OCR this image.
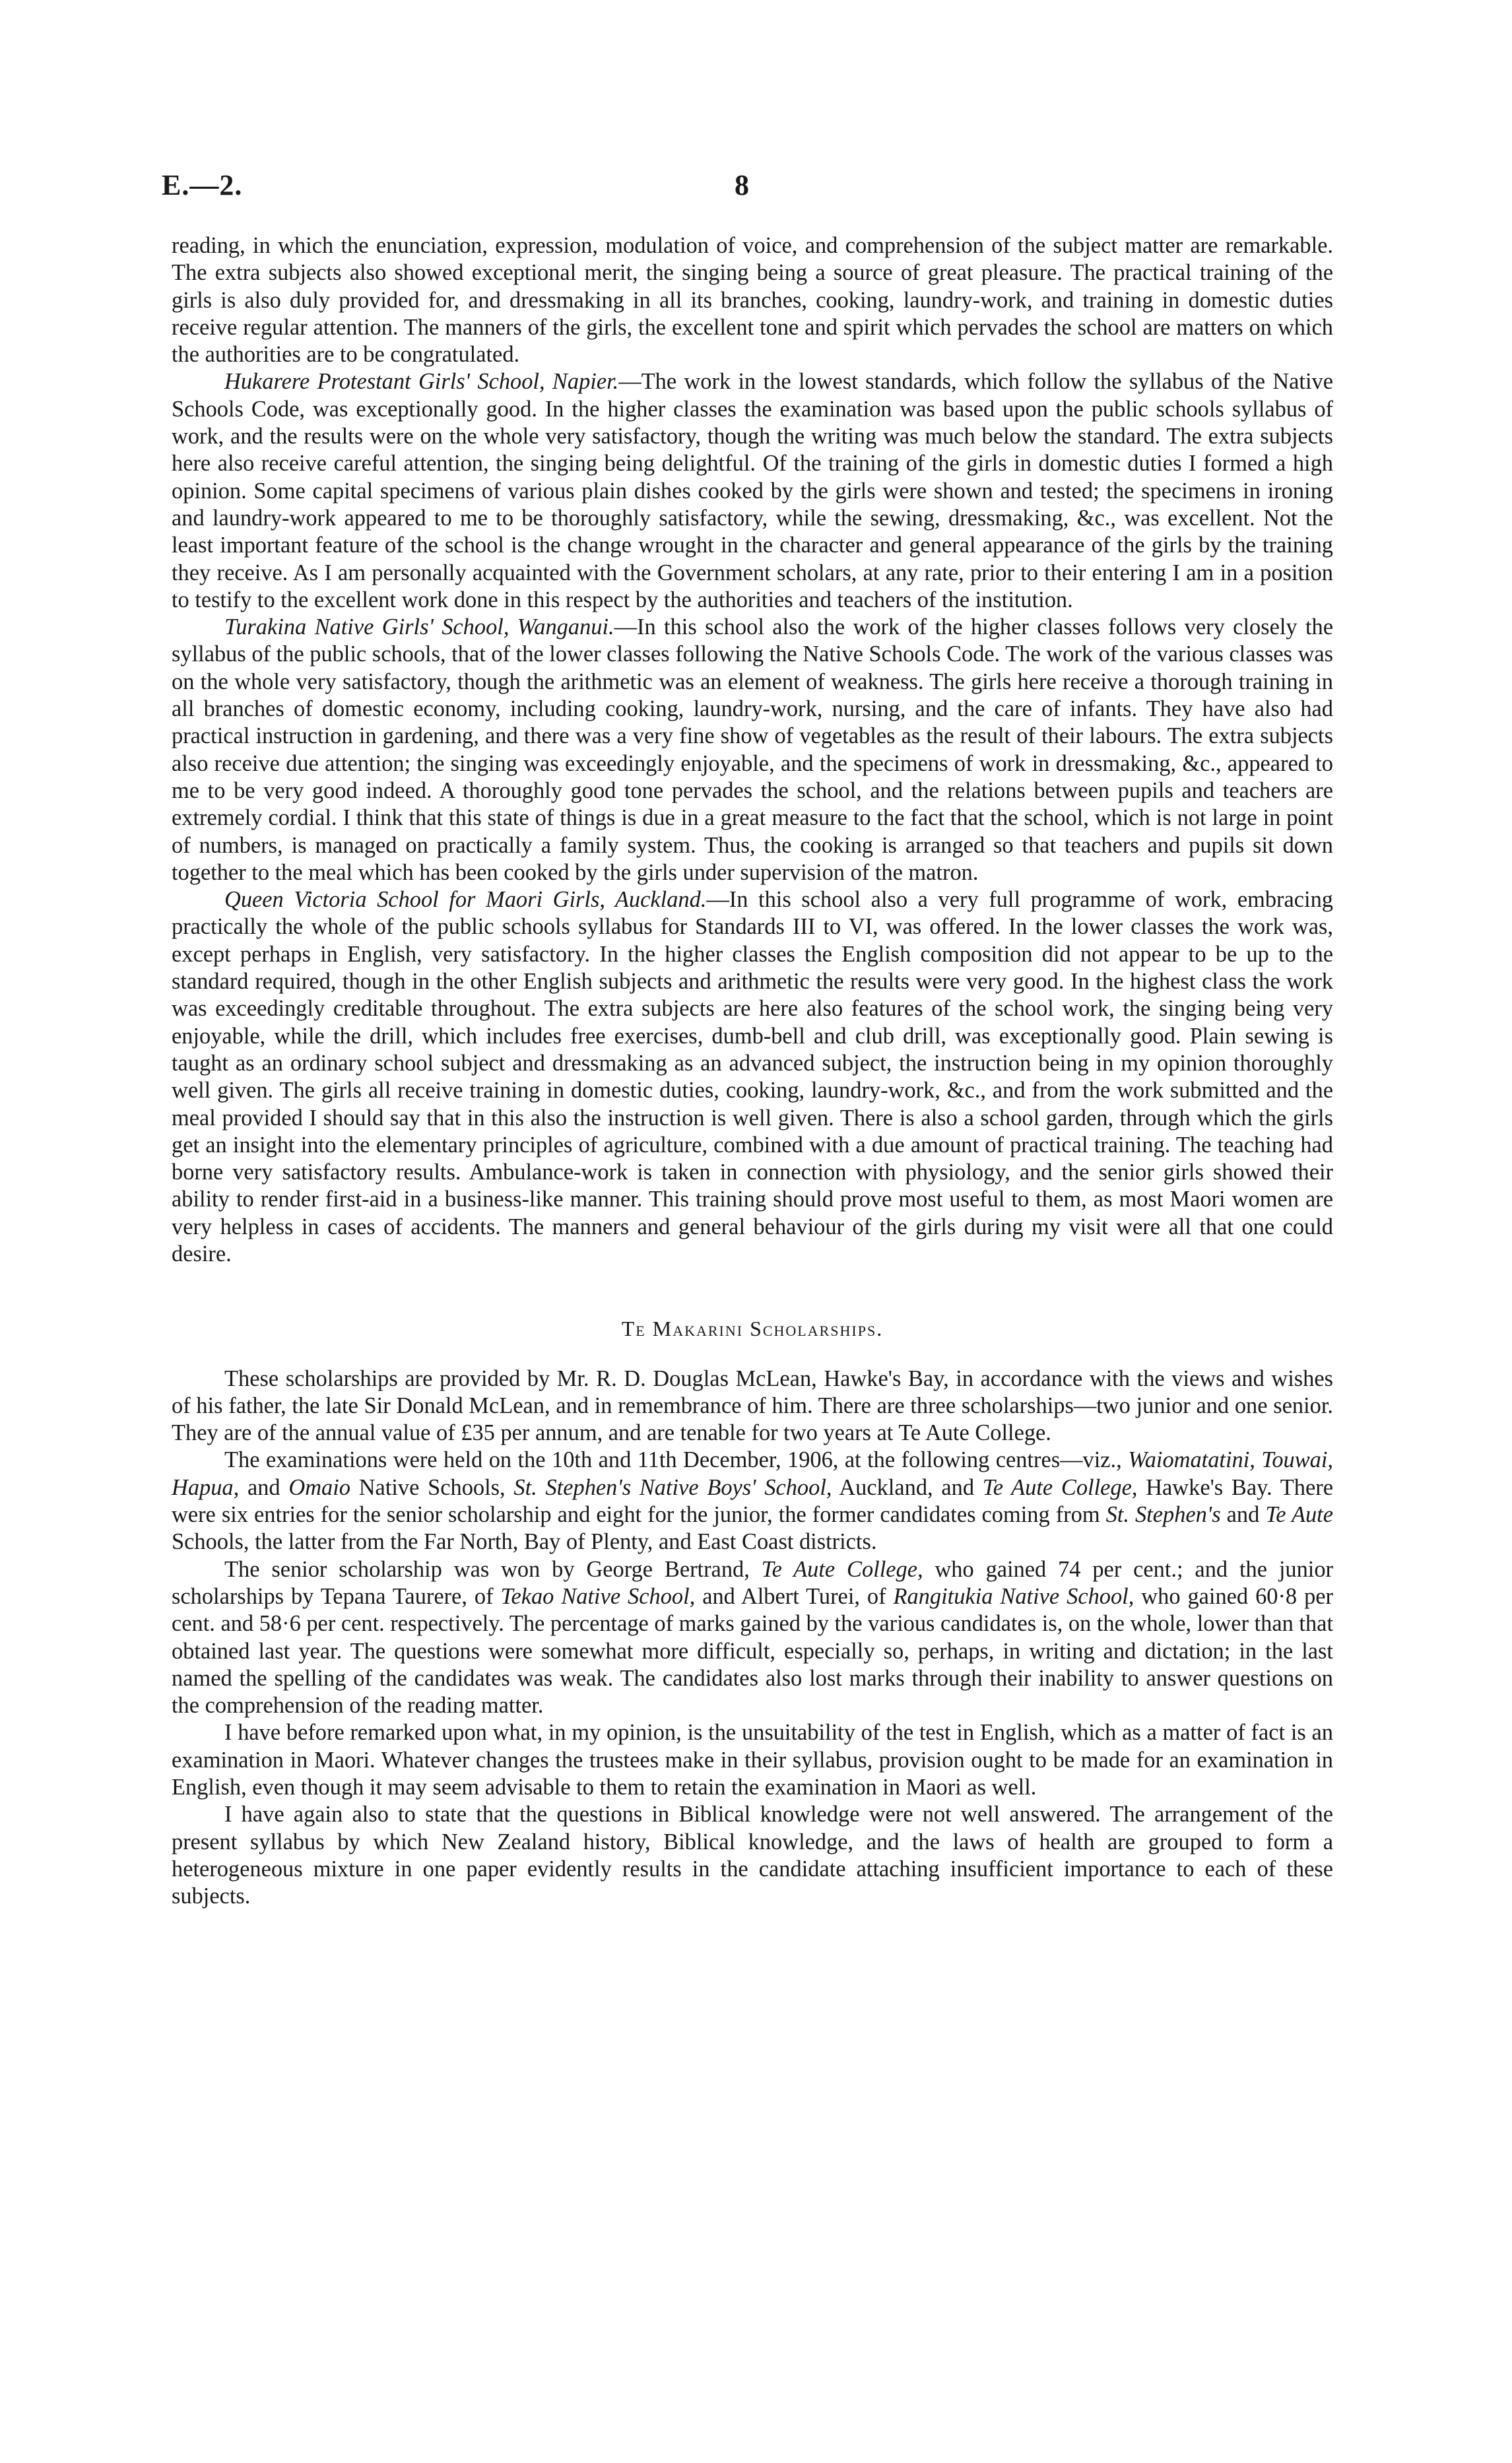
E.—2.	8

reading, in which the enunciation, expression, modulation of voice, and comprehension of the subject matter are remarkable. The extra subjects also showed exceptional merit, the singing being a source of great pleasure. The practical training of the girls is also duly provided for, and dressmaking in all its branches, cooking, laundry-work, and training in domestic duties receive regular attention. The manners of the girls, the excellent tone and spirit which pervades the school are matters on which the authorities are to be congratulated.

Hukarere Protestant Girls' School, Napier.—The work in the lowest standards, which follow the syllabus of the Native Schools Code, was exceptionally good. In the higher classes the examination was based upon the public schools syllabus of work, and the results were on the whole very satisfactory, though the writing was much below the standard. The extra subjects here also receive careful attention, the singing being delightful. Of the training of the girls in domestic duties I formed a high opinion. Some capital specimens of various plain dishes cooked by the girls were shown and tested; the specimens in ironing and laundry-work appeared to me to be thoroughly satisfactory, while the sewing, dressmaking, &c., was excellent. Not the least important feature of the school is the change wrought in the character and general appearance of the girls by the training they receive. As I am personally acquainted with the Government scholars, at any rate, prior to their entering I am in a position to testify to the excellent work done in this respect by the authorities and teachers of the institution.

Turakina Native Girls' School, Wanganui.—In this school also the work of the higher classes follows very closely the syllabus of the public schools, that of the lower classes following the Native Schools Code. The work of the various classes was on the whole very satisfactory, though the arithmetic was an element of weakness. The girls here receive a thorough training in all branches of domestic economy, including cooking, laundry-work, nursing, and the care of infants. They have also had practical instruction in gardening, and there was a very fine show of vegetables as the result of their labours. The extra subjects also receive due attention; the singing was exceedingly enjoyable, and the specimens of work in dressmaking, &c., appeared to me to be very good indeed. A thoroughly good tone pervades the school, and the relations between pupils and teachers are extremely cordial. I think that this state of things is due in a great measure to the fact that the school, which is not large in point of numbers, is managed on practically a family system. Thus, the cooking is arranged so that teachers and pupils sit down together to the meal which has been cooked by the girls under supervision of the matron.

Queen Victoria School for Maori Girls, Auckland.—In this school also a very full programme of work, embracing practically the whole of the public schools syllabus for Standards III to VI, was offered. In the lower classes the work was, except perhaps in English, very satisfactory. In the higher classes the English composition did not appear to be up to the standard required, though in the other English subjects and arithmetic the results were very good. In the highest class the work was exceedingly creditable throughout. The extra subjects are here also features of the school work, the singing being very enjoyable, while the drill, which includes free exercises, dumb-bell and club drill, was exceptionally good. Plain sewing is taught as an ordinary school subject and dressmaking as an advanced subject, the instruction being in my opinion thoroughly well given. The girls all receive training in domestic duties, cooking, laundry-work, &c., and from the work submitted and the meal provided I should say that in this also the instruction is well given. There is also a school garden, through which the girls get an insight into the elementary principles of agriculture, combined with a due amount of practical training. The teaching had borne very satisfactory results. Ambulance-work is taken in connection with physiology, and the senior girls showed their ability to render first-aid in a business-like manner. This training should prove most useful to them, as most Maori women are very helpless in cases of accidents. The manners and general behaviour of the girls during my visit were all that one could desire.

Te Makarini Scholarships.

These scholarships are provided by Mr. R. D. Douglas McLean, Hawke's Bay, in accordance with the views and wishes of his father, the late Sir Donald McLean, and in remembrance of him. There are three scholarships—two junior and one senior. They are of the annual value of £35 per annum, and are tenable for two years at Te Aute College.

The examinations were held on the 10th and 11th December, 1906, at the following centres—viz., Waiomatatini, Touwai, Hapua, and Omaio Native Schools, St. Stephen's Native Boys' School, Auckland, and Te Aute College, Hawke's Bay. There were six entries for the senior scholarship and eight for the junior, the former candidates coming from St. Stephen's and Te Aute Schools, the latter from the Far North, Bay of Plenty, and East Coast districts.

The senior scholarship was won by George Bertrand, Te Aute College, who gained 74 per cent.; and the junior scholarships by Tepana Taurere, of Tekao Native School, and Albert Turei, of Rangitukia Native School, who gained 60·8 per cent. and 58·6 per cent. respectively. The percentage of marks gained by the various candidates is, on the whole, lower than that obtained last year. The questions were somewhat more difficult, especially so, perhaps, in writing and dictation; in the last named the spelling of the candidates was weak. The candidates also lost marks through their inability to answer questions on the comprehension of the reading matter.

I have before remarked upon what, in my opinion, is the unsuitability of the test in English, which as a matter of fact is an examination in Maori. Whatever changes the trustees make in their syllabus, provision ought to be made for an examination in English, even though it may seem advisable to them to retain the examination in Maori as well.

I have again also to state that the questions in Biblical knowledge were not well answered. The arrangement of the present syllabus by which New Zealand history, Biblical knowledge, and the laws of health are grouped to form a heterogeneous mixture in one paper evidently results in the candidate attaching insufficient importance to each of these subjects.
